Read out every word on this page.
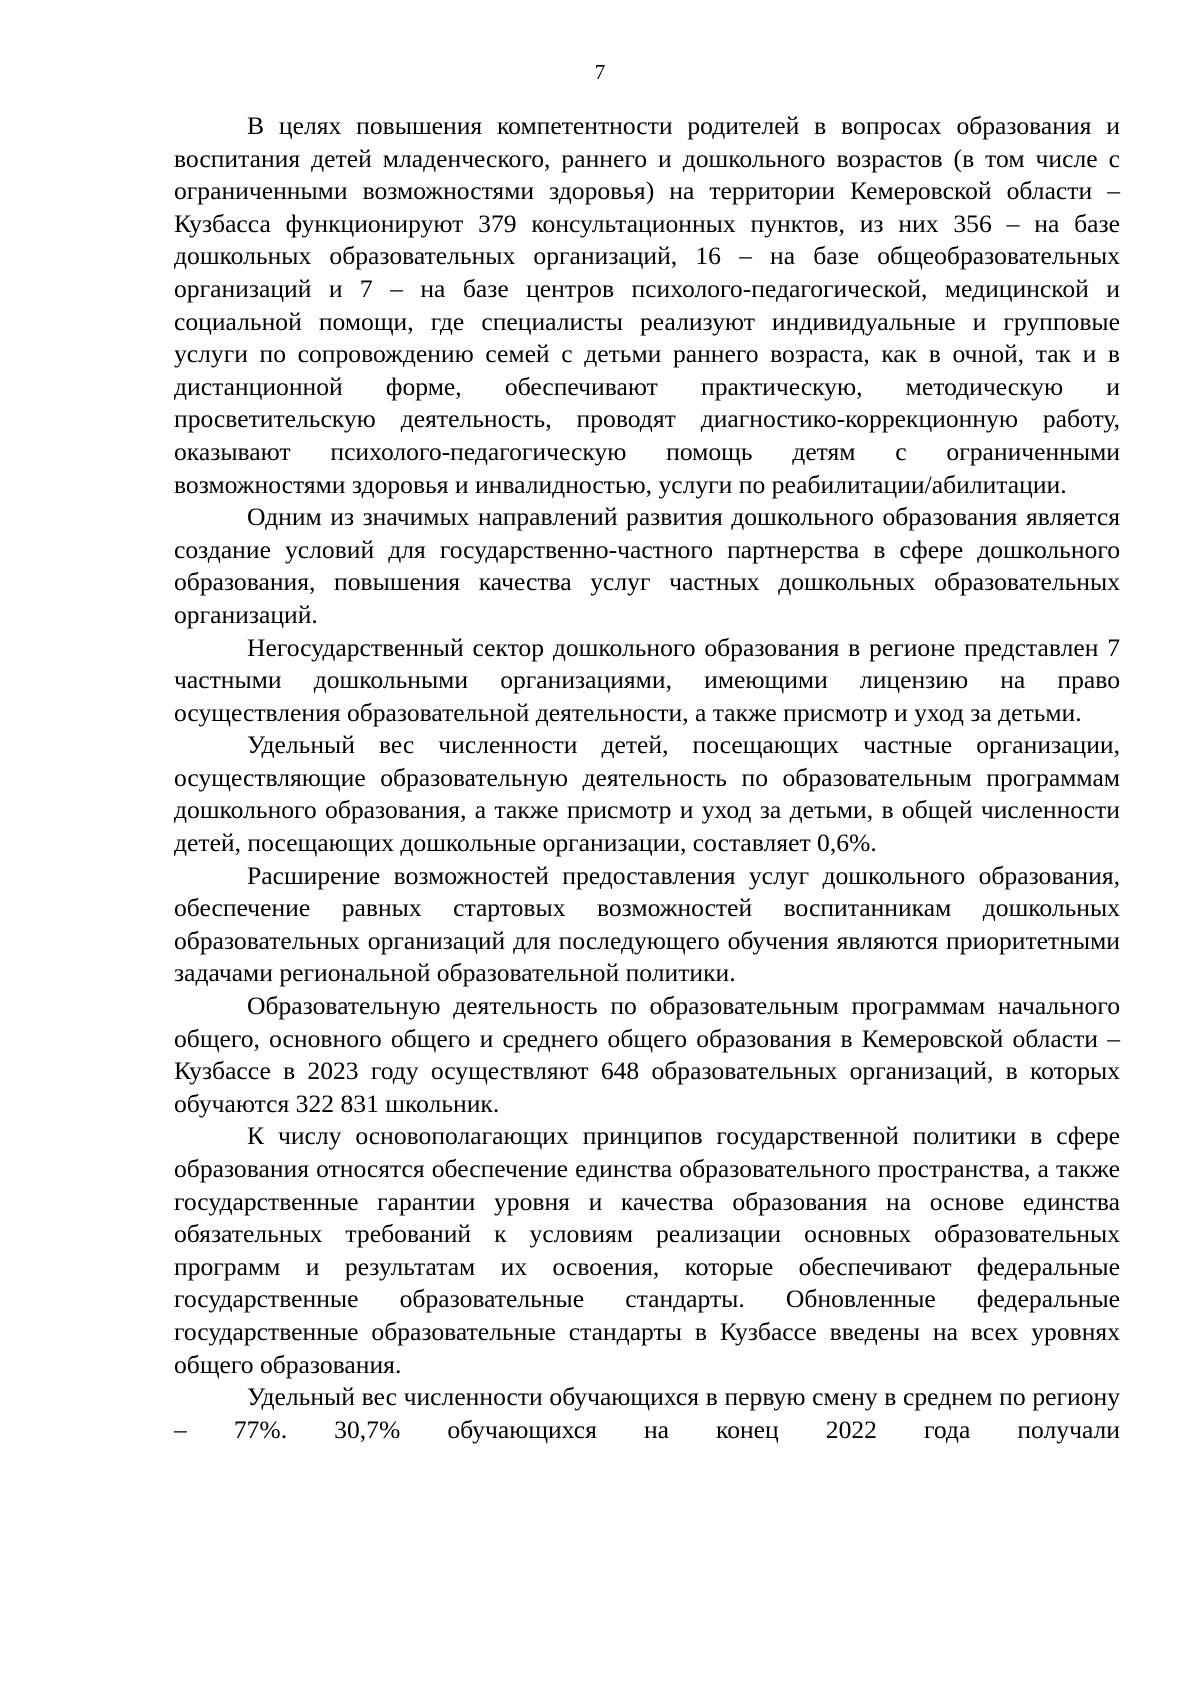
7

В целях повышения компетентности родителей в вопросах образования и воспитания детей младенческого, раннего и дошкольного возрастов (в том числе с ограниченными возможностями здоровья) на территории Кемеровской области – Кузбасса функционируют 379 консультационных пунктов, из них 356 – на базе дошкольных образовательных организаций, 16 – на базе общеобразовательных организаций и 7 – на базе центров психолого-педагогической, медицинской и социальной помощи, где специалисты реализуют индивидуальные и групповые услуги по сопровождению семей с детьми раннего возраста, как в очной, так и в дистанционной форме, обеспечивают практическую, методическую и просветительскую деятельность, проводят диагностико-коррекционную работу, оказывают психолого-педагогическую помощь детям с ограниченными возможностями здоровья и инвалидностью, услуги по реабилитации/абилитации.

Одним из значимых направлений развития дошкольного образования является создание условий для государственно-частного партнерства в сфере дошкольного образования, повышения качества услуг частных дошкольных образовательных организаций.

Негосударственный сектор дошкольного образования в регионе представлен 7 частными дошкольными организациями, имеющими лицензию на право осуществления образовательной деятельности, а также присмотр и уход за детьми.

Удельный вес численности детей, посещающих частные организации, осуществляющие образовательную деятельность по образовательным программам дошкольного образования, а также присмотр и уход за детьми, в общей численности детей, посещающих дошкольные организации, составляет 0,6%.

Расширение возможностей предоставления услуг дошкольного образования, обеспечение равных стартовых возможностей воспитанникам дошкольных образовательных организаций для последующего обучения являются приоритетными задачами региональной образовательной политики.

Образовательную деятельность по образовательным программам начального общего, основного общего и среднего общего образования в Кемеровской области – Кузбассе в 2023 году осуществляют 648 образовательных организаций, в которых обучаются 322 831 школьник.

К числу основополагающих принципов государственной политики в сфере образования относятся обеспечение единства образовательного пространства, а также государственные гарантии уровня и качества образования на основе единства обязательных требований к условиям реализации основных образовательных программ и результатам их освоения, которые обеспечивают федеральные государственные образовательные стандарты. Обновленные федеральные государственные образовательные стандарты в Кузбассе введены на всех уровнях общего образования.

Удельный вес численности обучающихся в первую смену в среднем по региону – 77%. 30,7% обучающихся на конец 2022 года получали
